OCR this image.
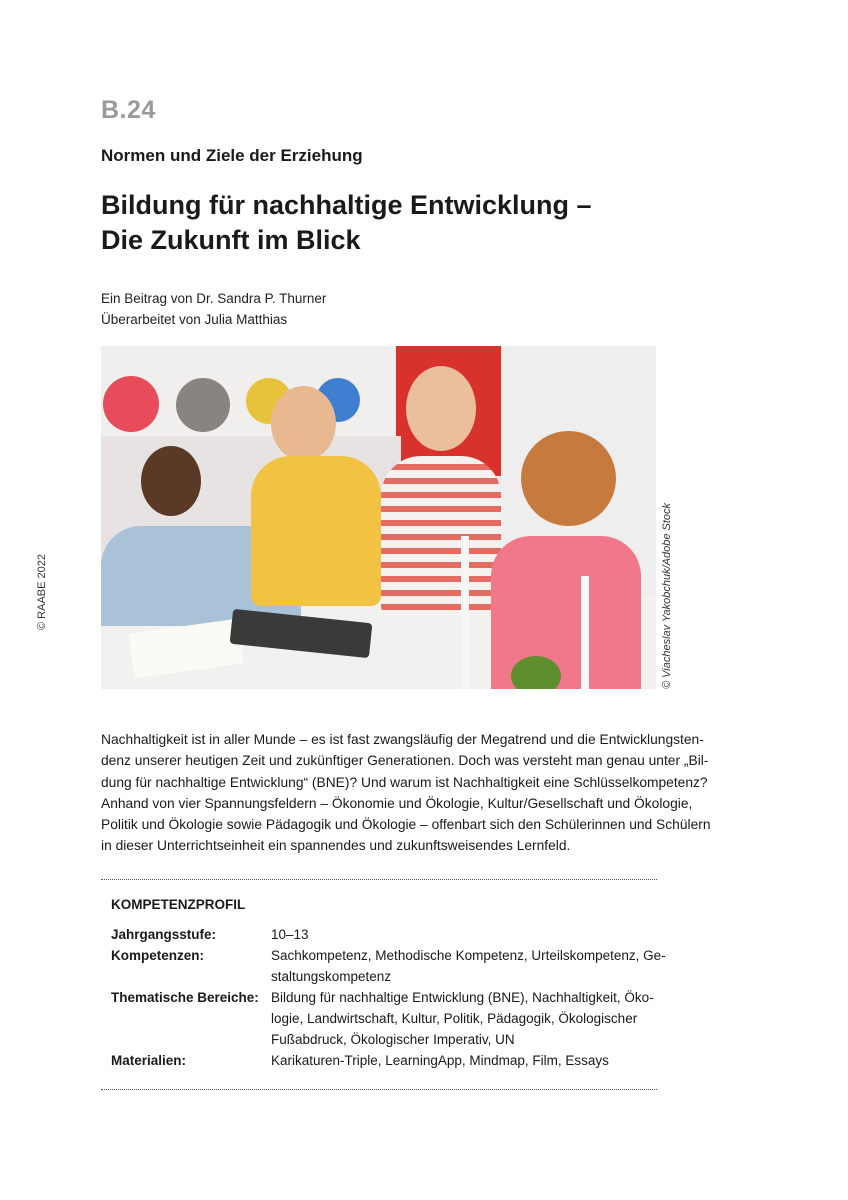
B.24
Normen und Ziele der Erziehung
Bildung für nachhaltige Entwicklung –
Die Zukunft im Blick
Ein Beitrag von Dr. Sandra P. Thurner
Überarbeitet von Julia Matthias
© Viacheslav Yakobchuk/Adobe Stock
© RAABE 2022
Nachhaltigkeit ist in aller Munde – es ist fast zwangsläufig der Megatrend und die Entwicklungsten-
denz unserer heutigen Zeit und zukünftiger Generationen. Doch was versteht man genau unter „Bil-
dung für nachhaltige Entwicklung“ (BNE)? Und warum ist Nachhaltigkeit eine Schlüsselkompetenz?
Anhand von vier Spannungsfeldern – Ökonomie und Ökologie, Kultur/Gesellschaft und Ökologie,
Politik und Ökologie sowie Pädagogik und Ökologie – offenbart sich den Schülerinnen und Schülern
in dieser Unterrichtseinheit ein spannendes und zukunftsweisendes Lernfeld.
KOMPETENZPROFIL
Jahrgangsstufe:	10–13
Kompetenzen:	Sachkompetenz, Methodische Kompetenz, Urteilskompetenz, Ge-
staltungskompetenz
Thematische Bereiche: Bildung für nachhaltige Entwicklung (BNE), Nachhaltigkeit, Öko-
logie, Landwirtschaft, Kultur, Politik, Pädagogik, Ökologischer
Fußabdruck, Ökologischer Imperativ, UN
Materialien:	Karikaturen-Triple, LearningApp, Mindmap, Film, Essays
